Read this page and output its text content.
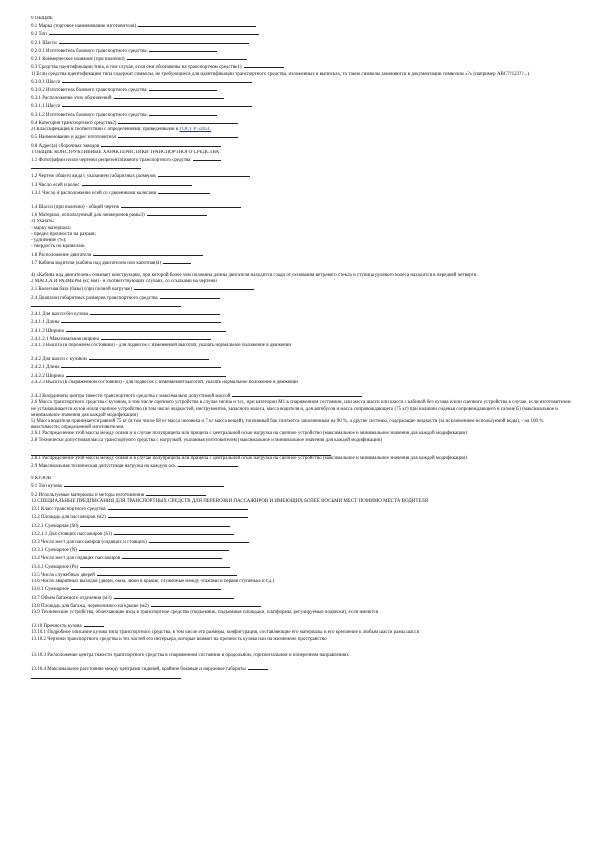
0 ОБЩИЕ
0.1 Марка (торговое наименование изготовителя)
0.2 Тип
0.2.1 Шасси
0.2.0.1 Изготовитель базового транспортного средства
0.2.1 Коммерческое название (при наличии)
0.3 Средства идентификации типа, в том случае, если они обозначены на транспортном средстве1)
1) Если средства идентификации типа содержат символы, не требующиеся для идентификации транспортного средства, изложенных в выписках, то такие символы заменяются в документации символом «?» (например ABC??123??...).
0.3.0.1 Шасси
0.3.0.2 Изготовитель базового транспортного средства
0.3.1 Расположение этих обозначений
0.3.1.1 Шасси
0.3.1.2 Изготовитель базового транспортного средства
0.4 Категория транспортного средства2)
2) Классификация в соответствии с определениями, приведенными в ГОСТ Р 52051.
0.5 Наименование и адрес изготовителя
0.8 Адрес(а) сборочных заводов
1 ОБЩИЕ КОНСТРУКТИВНЫЕ ХАРАКТЕРИСТИКИ ТРАНСПОРТНОГО СРЕДСТВА
1.1 Фотографии и/или чертежи репрезентативного транспортного средства
1.2 Чертеж общего вида с указанием габаритных размеров
1.3 Число осей и колес
1.3.1 Число и расположение осей со сдвоенными колесами
1.4 Шасси (при наличии) - общий чертеж
1.6 Материал, используемый для лонжеронов рамы3)
3) Указать:
- марку материала;
- предел прочности на разрыв;
- удлинение (%);
- твердость по Бринеллю.
1.8 Расположение двигателя
1.7 Кабина водителя (кабина над двигателем или капотная)4)
4) «Кабина над двигателем» означает конструкцию, при которой более чем половина длины двигателя находится сзади от основания ветрового стекла и ступица рулевого колеса находится в передней четверти.
2 МАССА И РАЗМЕРЫ (кг, мм) - в соответствующих случаях, со ссылками на чертежи
2.1 Колесная база (базы) (при полной нагрузке)
2.4 Диапазон габаритных размеров транспортного средства
2.4.1 Для шасси без кузова
2.4.1.1 Длина
2.4.1.2 Ширина
2.4.1.2.1 Максимальная ширина
2.4.1.3 Высота (в порожнем состоянии) - для подвесок с изменяемой высотой, указать нормальное положение в движении
2.4.2 Для шасси с кузовом
2.4.2.1 Длина
2.4.2.2 Ширина
2.4.2.3 Высота (в снаряженном состоянии) - для подвесок с изменяемой высотой, указать нормальное положение в движении
2.4.3 Координаты центра тяжести транспортного средства с максимально допустимой массой
2.6 Масса транспортного средства с кузовом, в том числе сцепного устройства в случае тягача и т.п., при категории M1 в снаряженном состоянии, или масса шасси или шасси с кабиной без кузова и/или сцепного устройства в случае, если изготовителем не устанавливается кузов и/или сцепное устройство (в том числе жидкостей, инструментов, запасного колеса, масса водителя и, для автобусов и масса сопровождающего (75 кг) при наличии сиденья сопровождающего в салоне)5) (максимальное и минимальное значения для каждой модификации)
5) Масса водителя принимается равной 75 кг (в том числе 68 кг масса человека и 7 кг масса вещей), топливный бак считается заполненным на 90 %, а другие системы, содержащие жидкости (за исключением используемой воды), - на 100 % вместимости, определенной изготовителем.
2.6.1 Распределение этой массы между осями и в случае полуприцепа или прицепа с центральной осью нагрузка на сцепное устройство (максимальное и минимальное значения для каждой модификации)
2.8 Технически допустимая масса транспортного средства с нагрузкой, указанная изготовителем (максимальное и минимальное значения для каждой модификации)
2.8.1 Распределение этой массы между осями и в случае полуприцепа или прицепа с центральной осью нагрузка на сцепное устройство (максимальное и минимальное значения для каждой модификации)
2.9 Максимальная техническая допустимая нагрузка на каждую ось
9 КУЗОВ
9.1 Тип кузова
9.2 Используемые материалы и методы изготовления
13 СПЕЦИАЛЬНЫЕ ПРЕДПИСАНИЯ ДЛЯ ТРАНСПОРТНЫХ СРЕДСТВ ДЛЯ ПЕРЕВОЗКИ ПАССАЖИРОВ И ИМЕЮЩИХ БОЛЕЕ ВОСЬМИ МЕСТ ПОМИМО МЕСТА ВОДИТЕЛЯ
13.1 Класс транспортного средства
13.2 Площадь для пассажиров (м2)
13.2.1 Суммарная (S0)
13.2.1.1 Для стоящих пассажиров (S1)
13.3 Число мест для пассажиров (сидящих и стоящих)
13.3.1 Суммарное (N)
13.4 Число мест для сидящих пассажиров
13.4.1 Суммарное (Ps)
13.5 Число служебных дверей
13.6 Число аварийных выходов (двери, окна, люки в крыше, служебные между этажами и первая ступенька и т.д.)
13.6.1 Суммарное
13.7 Объем багажного отделения (м3)
13.8 Площадь для багажа, перевозимого на крыше (м2)
13.9 Технические устройства, облегчающие вход в транспортное средство (подъемник, подъемные площадки, платформы, регулируемые подвески), если имеются
13.10 Прочность кузова
13.10.1 Подробное описание кузова типа транспортного средства, в том числе его размеры, конфигурация, составляющие его материалы и его крепление к любым шасси рамы шасси
13.10.2 Чертежи транспортного средства и тех частей его интерьера, которые влияют на прочность кузова или на жизненное пространство
13.10.3 Расположение центра тяжести транспортного средства в снаряженном состоянии в продольном, горизонтальном и поперечном направлениях
13.10.4 Максимальное расстояние между центрами сидений, крайние боковые и наружные габариты
